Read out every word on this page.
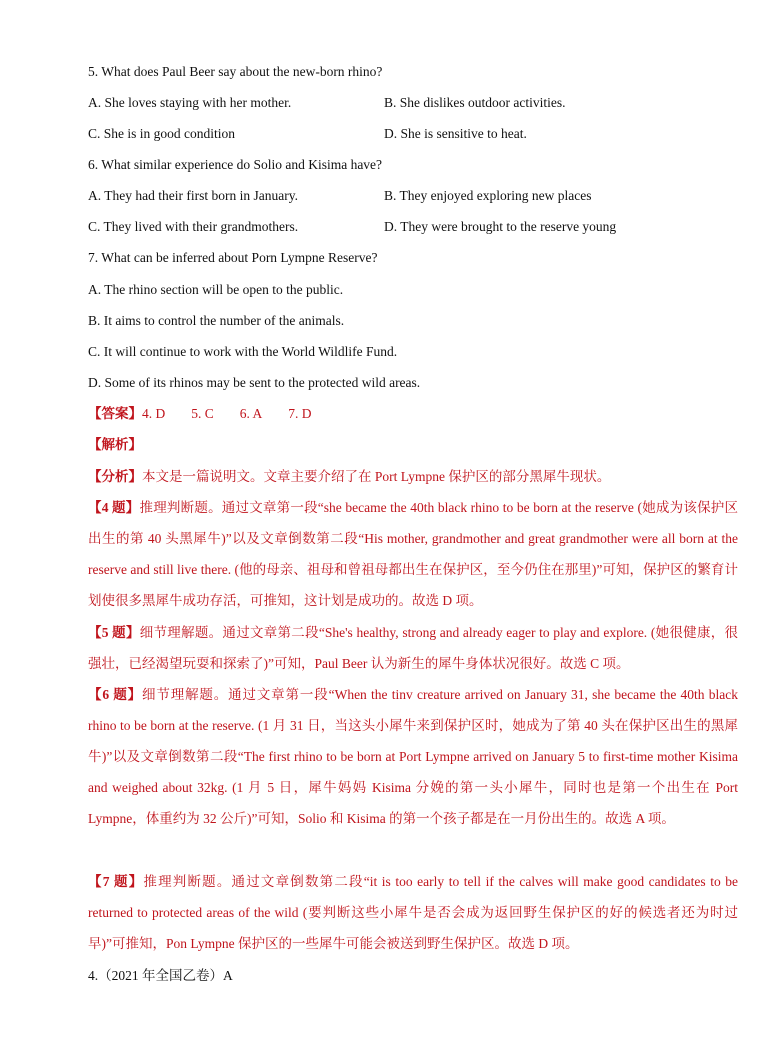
5. What does Paul Beer say about the new-born rhino?
A. She loves staying with her mother.	B. She dislikes outdoor activities.
C. She is in good condition	D. She is sensitive to heat.
6. What similar experience do Solio and Kisima have?
A. They had their first born in January.	B. They enjoyed exploring new places
C. They lived with their grandmothers.	D. They were brought to the reserve young
7. What can be inferred about Porn Lympne Reserve?
A. The rhino section will be open to the public.
B. It aims to control the number of the animals.
C. It will continue to work with the World Wildlife Fund.
D. Some of its rhinos may be sent to the protected wild areas.
【答案】4. D 5. C 6. A 7. D
【解析】
【分析】本文是一篇说明文。文章主要介绍了在 Port Lympne 保护区的部分黑犀牛现状。
【4 题】推理判断题。通过文章第一段“she became the 40th black rhino to be born at the reserve (她成为该保护区出生的第 40 头黑犀牛)”以及文章倒数第二段“His mother, grandmother and great grandmother were all born at the reserve and still live there. (他的母亲、祖母和曾祖母都出生在保护区，至今仍住在那里)”可知，保护区的繁育计划使很多黑犀牛成功存活，可推知，这计划是成功的。故选 D 项。
【5 题】细节理解题。通过文章第二段“She's healthy, strong and already eager to play and explore. (她很健康，很强壮，已经渴望玩耍和探索了)”可知，Paul Beer 认为新生的犀牛身体状况很好。故选 C 项。
【6 题】细节理解题。通过文章第一段“When the tinv creature arrived on January 31, she became the 40th black rhino to be born at the reserve. (1 月 31 日，当这头小犀牛来到保护区时，她成为了第 40 头在保护区出生的黑犀牛)”以及文章倒数第二段“The first rhino to be born at Port Lympne arrived on January 5 to first-time mother Kisima and weighed about 32kg. (1 月 5 日，犀牛妈妈 Kisima 分娩的第一头小犀牛，同时也是第一个出生在 Port Lympne，体重约为 32 公斤)”可知，Solio 和 Kisima 的第一个孩子都是在一月份出生的。故选 A 项。
【7 题】推理判断题。通过文章倒数第二段“it is too early to tell if the calves will make good candidates to be returned to protected areas of the wild (要判断这些小犀牛是否会成为返回野生保护区的好的候选者还为时过早)”可推知，Pon Lympne 保护区的一些犀牛可能会被送到野生保护区。故选 D 项。
4.（2021 年全国乙卷）A
